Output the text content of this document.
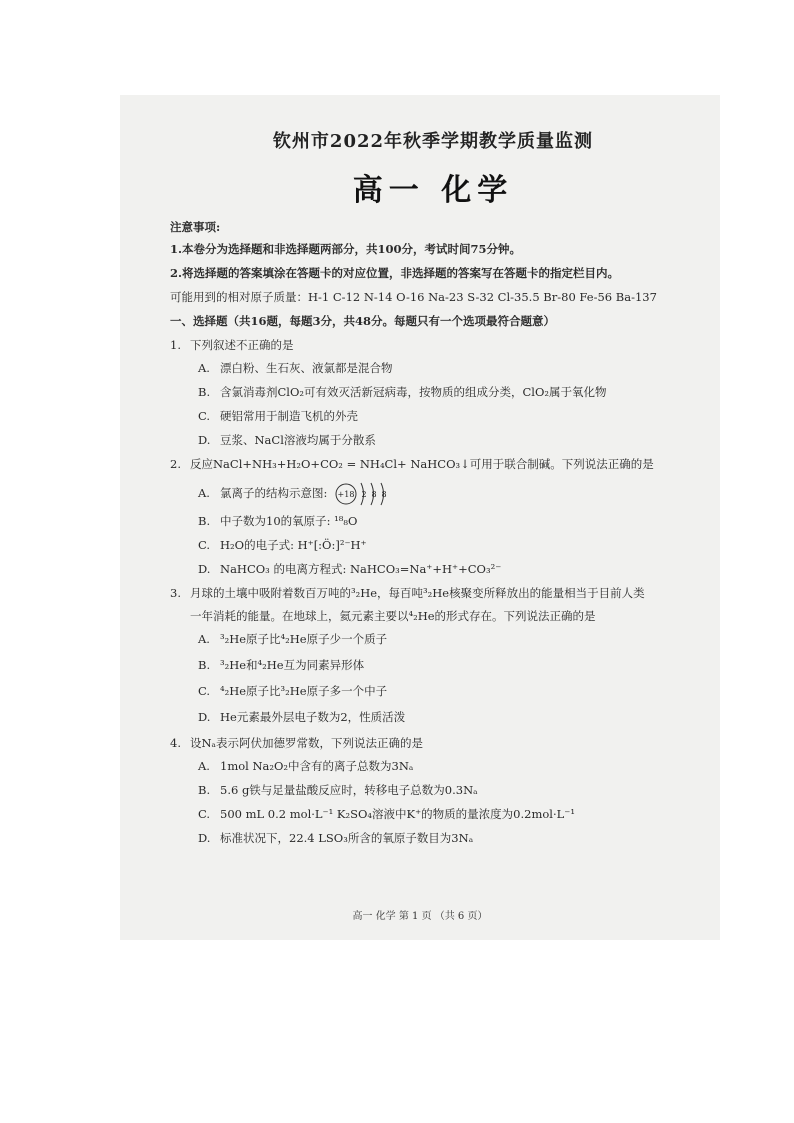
钦州市2022年秋季学期教学质量监测
高一 化学
注意事项:
1.本卷分为选择题和非选择题两部分，共100分，考试时间75分钟。
2.将选择题的答案填涂在答题卡的对应位置，非选择题的答案写在答题卡的指定栏目内。
可能用到的相对原子质量：H-1 C-12 N-14 O-16 Na-23 S-32 Cl-35.5 Br-80 Fe-56 Ba-137
一、选择题（共16题，每题3分，共48分。每题只有一个选项最符合题意）
1. 下列叙述不正确的是
A. 漂白粉、生石灰、液氯都是混合物
B. 含氯消毒剂ClO₂可有效灭活新冠病毒，按物质的组成分类，ClO₂属于氧化物
C. 硬铝常用于制造飞机的外壳
D. 豆浆、NaCl溶液均属于分散系
2. 反应NaCl+NH₃+H₂O+CO₂ = NH₄Cl+ NaHCO₃↓可用于联合制碱。下列说法正确的是
A. 氯离子的结构示意图: +18 2 8 8
B. 中子数为10的氧原子: ¹⁸₈O
C. H₂O的电子式: H⁺[:Ö:]²⁻H⁺
D. NaHCO₃ 的电离方程式: NaHCO₃=Na⁺+H⁺+CO₃²⁻
3. 月球的土壤中吸附着数百万吨的³₂He，每百吨³₂He核聚变所释放出的能量相当于目前人类
一年消耗的能量。在地球上，氦元素主要以⁴₂He的形式存在。下列说法正确的是
A. ³₂He原子比⁴₂He原子少一个质子
B. ³₂He和⁴₂He互为同素异形体
C. ⁴₂He原子比³₂He原子多一个中子
D. He元素最外层电子数为2，性质活泼
4. 设Nₐ表示阿伏加德罗常数，下列说法正确的是
A. 1mol Na₂O₂中含有的离子总数为3Nₐ
B. 5.6 g铁与足量盐酸反应时，转移电子总数为0.3Nₐ
C. 500 mL 0.2 mol·L⁻¹ K₂SO₄溶液中K⁺的物质的量浓度为0.2mol·L⁻¹
D. 标准状况下，22.4 LSO₃所含的氧原子数目为3Nₐ
高一 化学 第 1 页 （共 6 页）
